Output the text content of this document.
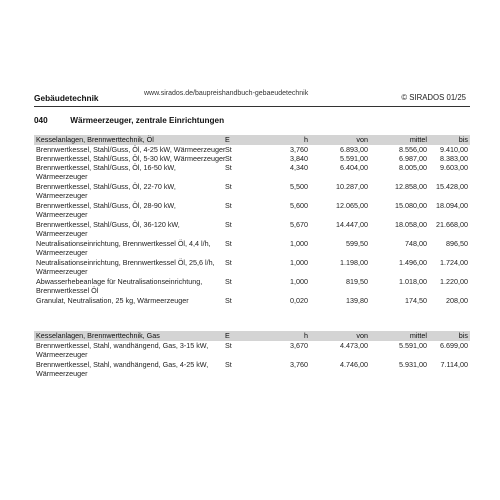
Gebäudetechnik	www.sirados.de/baupreishandbuch-gebaeudetechnik	© SIRADOS 01/25
040	Wärmeerzeuger, zentrale Einrichtungen
Kesselanlagen, Brennwerttechnik, Öl	E	h	von	mittel	bis
Brennwertkessel, Stahl/Guss, Öl, 4-25 kW, Wärmeerzeuger St	3,760	6.893,00	8.556,00	9.410,00
Brennwertkessel, Stahl/Guss, Öl, 5-30 kW, Wärmeerzeuger St	3,840	5.591,00	6.987,00	8.383,00
Brennwertkessel, Stahl/Guss, Öl, 16-50 kW, Wärmeerzeuger
St	4,340	6.404,00	8.005,00	9.603,00
Brennwertkessel, Stahl/Guss, Öl, 22-70 kW, Wärmeerzeuger
St	5,500	10.287,00	12.858,00	15.428,00
Brennwertkessel, Stahl/Guss, Öl, 28-90 kW, Wärmeerzeuger
St	5,600	12.065,00	15.080,00	18.094,00
Brennwertkessel, Stahl/Guss, Öl, 36-120 kW, Wärmeerzeuger
St	5,670	14.447,00	18.058,00	21.668,00
Neutralisationseinrichtung, Brennwertkessel Öl, 4,4 l/h, Wärmeerzeuger
St	1,000	599,50	748,00	896,50
Neutralisationseinrichtung, Brennwertkessel Öl, 25,6 l/h, Wärmeerzeuger
St	1,000	1.198,00	1.496,00	1.724,00
Abwasserhebeanlage für Neutralisationseinrichtung, Brennwertkessel Öl
St	1,000	819,50	1.018,00	1.220,00
Granulat, Neutralisation, 25 kg, Wärmeerzeuger	St	0,020	139,80	174,50	208,00
Kesselanlagen, Brennwerttechnik, Gas	E	h	von	mittel	bis
Brennwertkessel, Stahl, wandhängend, Gas, 3-15 kW, Wärmeerzeuger
St	3,670	4.473,00	5.591,00	6.699,00
Brennwertkessel, Stahl, wandhängend, Gas, 4-25 kW, Wärmeerzeuger
St	3,760	4.746,00	5.931,00	7.114,00
